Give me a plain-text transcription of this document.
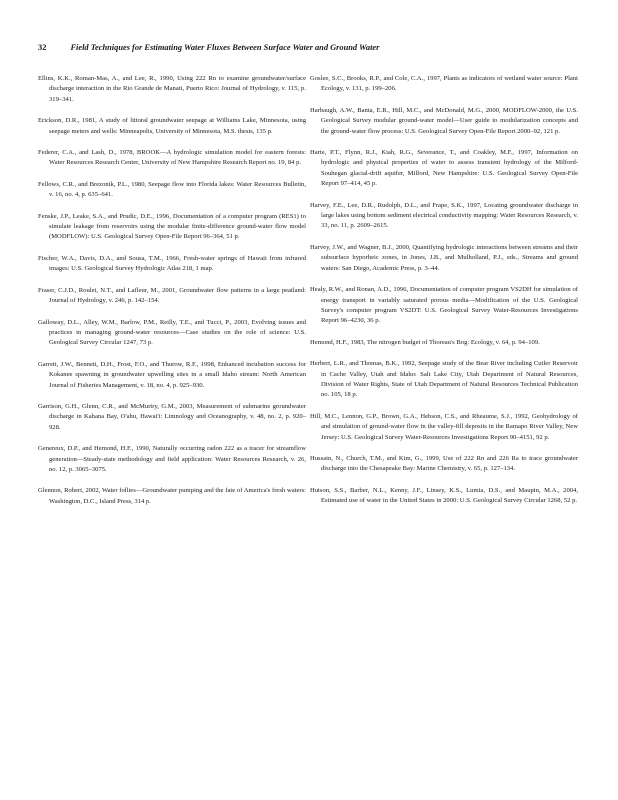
32	Field Techniques for Estimating Water Fluxes Between Surface Water and Ground Water

Ellins, K.K., Roman-Mas, A., and Lee, R., 1990, Using 222 Rn to examine groundwater/surface discharge interaction in the Rio Grande de Manati, Puerto Rico: Journal of Hydrology, v. 115, p. 319–341.

Erickson, D.R., 1981, A study of littoral groundwater seepage at Williams Lake, Minnesota, using seepage meters and wells: Minneapolis, University of Minnesota, M.S. thesis, 135 p.

Federer, C.A., and Lash, D., 1978, BROOK—A hydrologic simulation model for eastern forests: Water Resources Research Center, University of New Hampshire Research Report no. 19, 84 p.

Fellows, C.R., and Brezonik, P.L., 1980, Seepage flow into Florida lakes: Water Resources Bulletin, v. 16, no. 4, p. 635–641.

Fenske, J.P., Leake, S.A., and Prudic, D.E., 1996, Documentation of a computer program (RES1) to simulate leakage from reservoirs using the modular finite-difference ground-water flow model (MODFLOW): U.S. Geological Survey Open-File Report 96–364, 51 p.

Fischer, W.A., Davis, D.A., and Sousa, T.M., 1966, Fresh-water springs of Hawaii from infrared images: U.S. Geological Survey Hydrologic Atlas 218, 1 map.

Fraser, C.J.D., Roulet, N.T., and Lafleur, M., 2001, Groundwater flow patterns in a large peatland: Journal of Hydrology, v. 246, p. 142–154.

Galloway, D.L., Alley, W.M., Barlow, P.M., Reilly, T.E., and Tucci, P., 2003, Evolving issues and practices in managing ground-water resources—Case studies on the role of science: U.S. Geological Survey Circular 1247, 73 p.

Garrett, J.W., Bennett, D.H., Frost, F.O., and Thurow, R.F., 1998, Enhanced incubation success for Kokanee spawning in groundwater upwelling sites in a small Idaho stream: North American Journal of Fisheries Management, v. 18, no. 4, p. 925–930.

Garrison, G.H., Glenn, C.R., and McMurtry, G.M., 2003, Measurement of submarine groundwater discharge in Kahana Bay, O'ahu, Hawai'i: Limnology and Oceanography, v. 48, no. 2, p. 920–928.

Genereux, D.P., and Hemond, H.F., 1990, Naturally occurring radon 222 as a tracer for streamflow generation—Steady-state methodology and field application: Water Resources Research, v. 26, no. 12, p. 3065–3075.

Glennon, Robert, 2002, Water follies—Groundwater pumping and the fate of America's fresh waters: Washington, D.C., Island Press, 314 p.

Goslee, S.C., Brooks, R.P., and Cole, C.A., 1997, Plants as indicators of wetland water source: Plant Ecology, v. 131, p. 199–206.

Harbaugh, A.W., Banta, E.R., Hill, M.C., and McDonald, M.G., 2000, MODFLOW-2000, the U.S. Geological Survey modular ground-water model—User guide to modularization concepts and the ground-water flow process: U.S. Geological Survey Open-File Report 2000–92, 121 p.

Harte, P.T., Flynn, R.J., Kiah, R.G., Severance, T., and Coakley, M.F., 1997, Information on hydrologic and physical properties of water to assess transient hydrology of the Milford-Souhegan glacial-drift aquifer, Milford, New Hampshire: U.S. Geological Survey Open-File Report 97–414, 45 p.

Harvey, F.E., Lee, D.R., Rudolph, D.L., and Frape, S.K., 1997, Locating groundwater discharge in large lakes using bottom sediment electrical conductivity mapping: Water Resources Research, v. 33, no. 11, p. 2609–2615.

Harvey, J.W., and Wagner, B.J., 2000, Quantifying hydrologic interactions between streams and their subsurface hyporheic zones, in Jones, J.B., and Mulholland, P.J., eds., Streams and ground waters: San Diego, Academic Press, p. 3–44.

Healy, R.W., and Ronan, A.D., 1996, Documentation of computer program VS2DH for simulation of energy transport in variably saturated porous media—Modification of the U.S. Geological Survey's computer program VS2DT: U.S. Geological Survey Water-Resources Investigations Report 96–4230, 36 p.

Hemond, H.F., 1983, The nitrogen budget of Thoreau's Bog: Ecology, v. 64, p. 94–109.

Herbert, L.R., and Thomas, B.K., 1992, Seepage study of the Bear River including Cutler Reservoir in Cache Valley, Utah and Idaho: Salt Lake City, Utah Department of Natural Resources, Division of Water Rights, State of Utah Department of Natural Resources Technical Publication no. 105, 18 p.

Hill, M.C., Lennon, G.P., Brown, G.A., Hebson, C.S., and Rheaume, S.J., 1992, Geohydrology of and simulation of ground-water flow in the valley-fill deposits in the Ramapo River Valley, New Jersey: U.S. Geological Survey Water-Resources Investigations Report 90–4151, 92 p.

Hussain, N., Church, T.M., and Kim, G., 1999, Use of 222 Rn and 226 Ra to trace groundwater discharge into the Chesapeake Bay: Marine Chemistry, v. 65, p. 127–134.

Hutson, S.S., Barber, N.L., Kenny, J.F., Linsey, K.S., Lumia, D.S., and Maupin, M.A., 2004, Estimated use of water in the United States in 2000: U.S. Geological Survey Circular 1268, 52 p.
